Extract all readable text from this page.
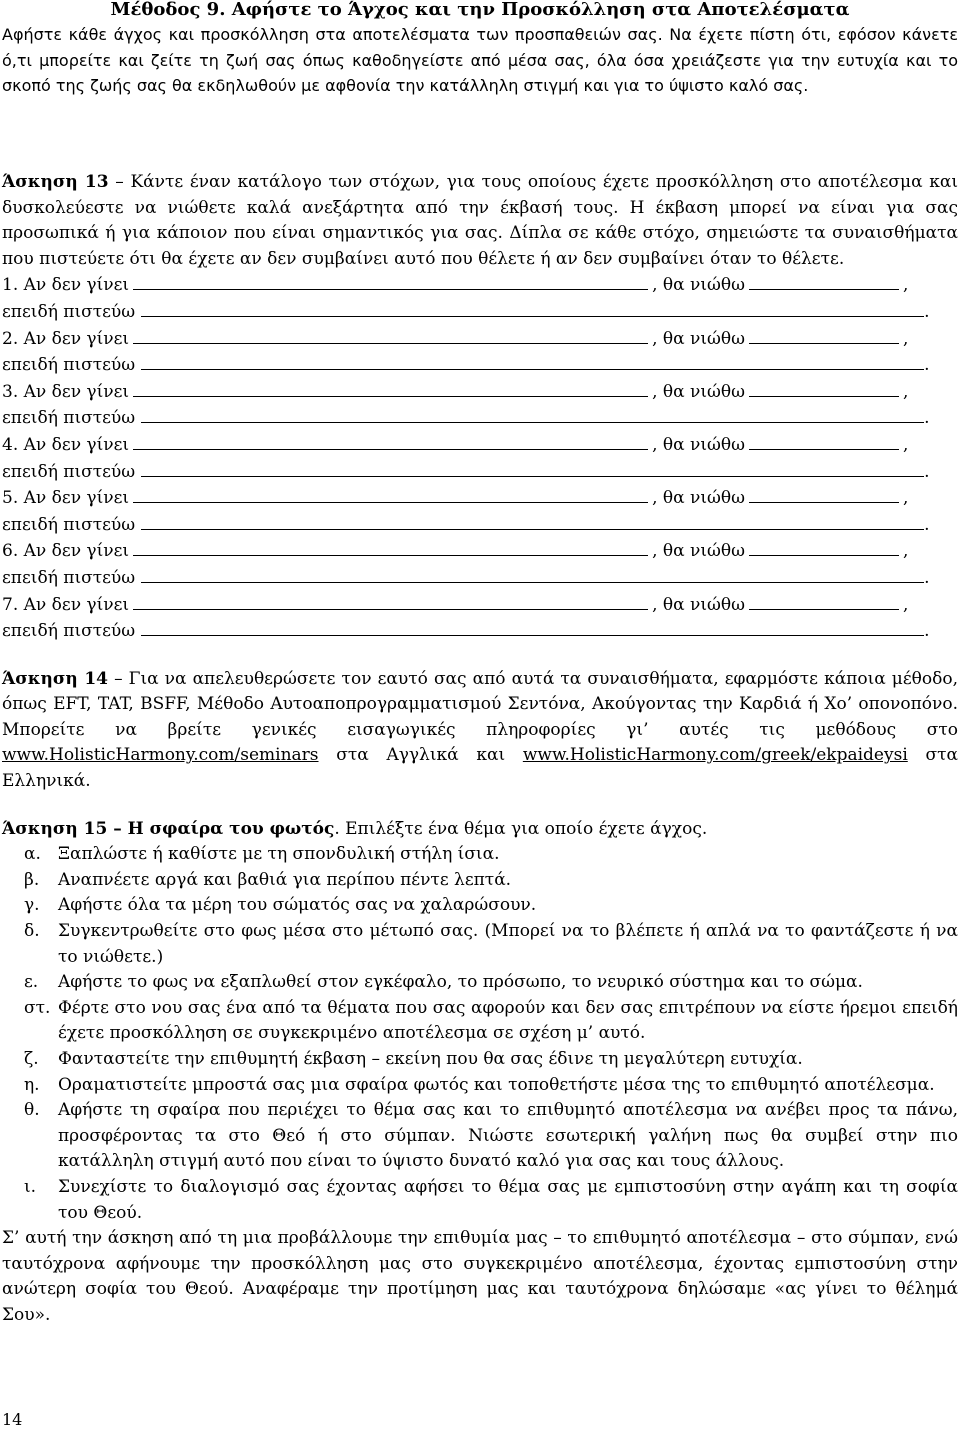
Μέθοδος 9. Αφήστε το Άγχος και την Προσκόλληση στα Αποτελέσματα

Αφήστε κάθε άγχος και προσκόλληση στα αποτελέσματα των προσπαθειών σας. Να έχετε πίστη ότι, εφόσον κάνετε ό,τι μπορείτε και ζείτε τη ζωή σας όπως καθοδηγείστε από μέσα σας, όλα όσα χρειάζεστε για την ευτυχία και το σκοπό της ζωής σας θα εκδηλωθούν με αφθονία την κατάλληλη στιγμή και για το ύψιστο καλό σας.

Άσκηση 13 – Κάντε έναν κατάλογο των στόχων, για τους οποίους έχετε προσκόλληση στο αποτέλεσμα και δυσκολεύεστε να νιώθετε καλά ανεξάρτητα από την έκβασή τους. Η έκβαση μπορεί να είναι για σας προσωπικά ή για κάποιον που είναι σημαντικός για σας. Δίπλα σε κάθε στόχο, σημειώστε τα συναισθήματα που πιστεύετε ότι θα έχετε αν δεν συμβαίνει αυτό που θέλετε ή αν δεν συμβαίνει όταν το θέλετε.

1.
Αν δεν γίνει	, θα νιώθω	,
επειδή πιστεύω	.
2.
Αν δεν γίνει	, θα νιώθω	,
επειδή πιστεύω	.
3.
Αν δεν γίνει	, θα νιώθω	,
επειδή πιστεύω	.
4.
Αν δεν γίνει	, θα νιώθω	,
επειδή πιστεύω	.
5.
Αν δεν γίνει	, θα νιώθω	,
επειδή πιστεύω	.
6.
Αν δεν γίνει	, θα νιώθω	,
επειδή πιστεύω	.
7.
Αν δεν γίνει	, θα νιώθω	,
επειδή πιστεύω	.

Άσκηση 14 – Για να απελευθερώσετε τον εαυτό σας από αυτά τα συναισθήματα, εφαρμόστε κάποια μέθοδο, όπως EFT, TAT, BSFF, Μέθοδο Αυτοαποπρογραμματισμού Σεντόνα, Ακούγοντας την Καρδιά ή Χο’ οπονοπόνο. Μπορείτε να βρείτε γενικές εισαγωγικές πληροφορίες γι’ αυτές τις μεθόδους στο www.HolisticHarmony.com/seminars στα Αγγλικά και www.HolisticHarmony.com/greek/ekpaideysi στα Ελληνικά.

Άσκηση 15 – Η σφαίρα του φωτός. Επιλέξτε ένα θέμα για οποίο έχετε άγχος.

α.	Ξαπλώστε ή καθίστε με τη σπονδυλική στήλη ίσια.
β.	Αναπνέετε αργά και βαθιά για περίπου πέντε λεπτά.
γ.	Αφήστε όλα τα μέρη του σώματός σας να χαλαρώσουν.
δ.	Συγκεντρωθείτε στο φως μέσα στο μέτωπό σας. (Μπορεί να το βλέπετε ή απλά να το φαντάζεστε ή να το νιώθετε.)
ε.	Αφήστε το φως να εξαπλωθεί στον εγκέφαλο, το πρόσωπο, το νευρικό σύστημα και το σώμα.
στ. Φέρτε στο νου σας ένα από τα θέματα που σας αφορούν και δεν σας επιτρέπουν να είστε ήρεμοι επειδή έχετε προσκόλληση σε συγκεκριμένο αποτέλεσμα σε σχέση μ’ αυτό.
ζ.	Φανταστείτε την επιθυμητή έκβαση – εκείνη που θα σας έδινε τη μεγαλύτερη ευτυχία.
η.	Οραματιστείτε μπροστά σας μια σφαίρα φωτός και τοποθετήστε μέσα της το επιθυμητό αποτέλεσμα.
θ.	Αφήστε τη σφαίρα που περιέχει το θέμα σας και το επιθυμητό αποτέλεσμα να ανέβει προς τα πάνω, προσφέροντας τα στο Θεό ή στο σύμπαν. Νιώστε εσωτερική γαλήνη πως θα συμβεί στην πιο κατάλληλη στιγμή αυτό που είναι το ύψιστο δυνατό καλό για σας και τους άλλους.
ι.	Συνεχίστε το διαλογισμό σας έχοντας αφήσει το θέμα σας με εμπιστοσύνη στην αγάπη και τη σοφία του Θεού.

Σ’ αυτή την άσκηση από τη μια προβάλλουμε την επιθυμία μας – το επιθυμητό αποτέλεσμα – στο σύμπαν, ενώ ταυτόχρονα αφήνουμε την προσκόλληση μας στο συγκεκριμένο αποτέλεσμα, έχοντας εμπιστοσύνη στην ανώτερη σοφία του Θεού. Αναφέραμε την προτίμηση μας και ταυτόχρονα δηλώσαμε «ας γίνει το θέλημά Σου».

14
